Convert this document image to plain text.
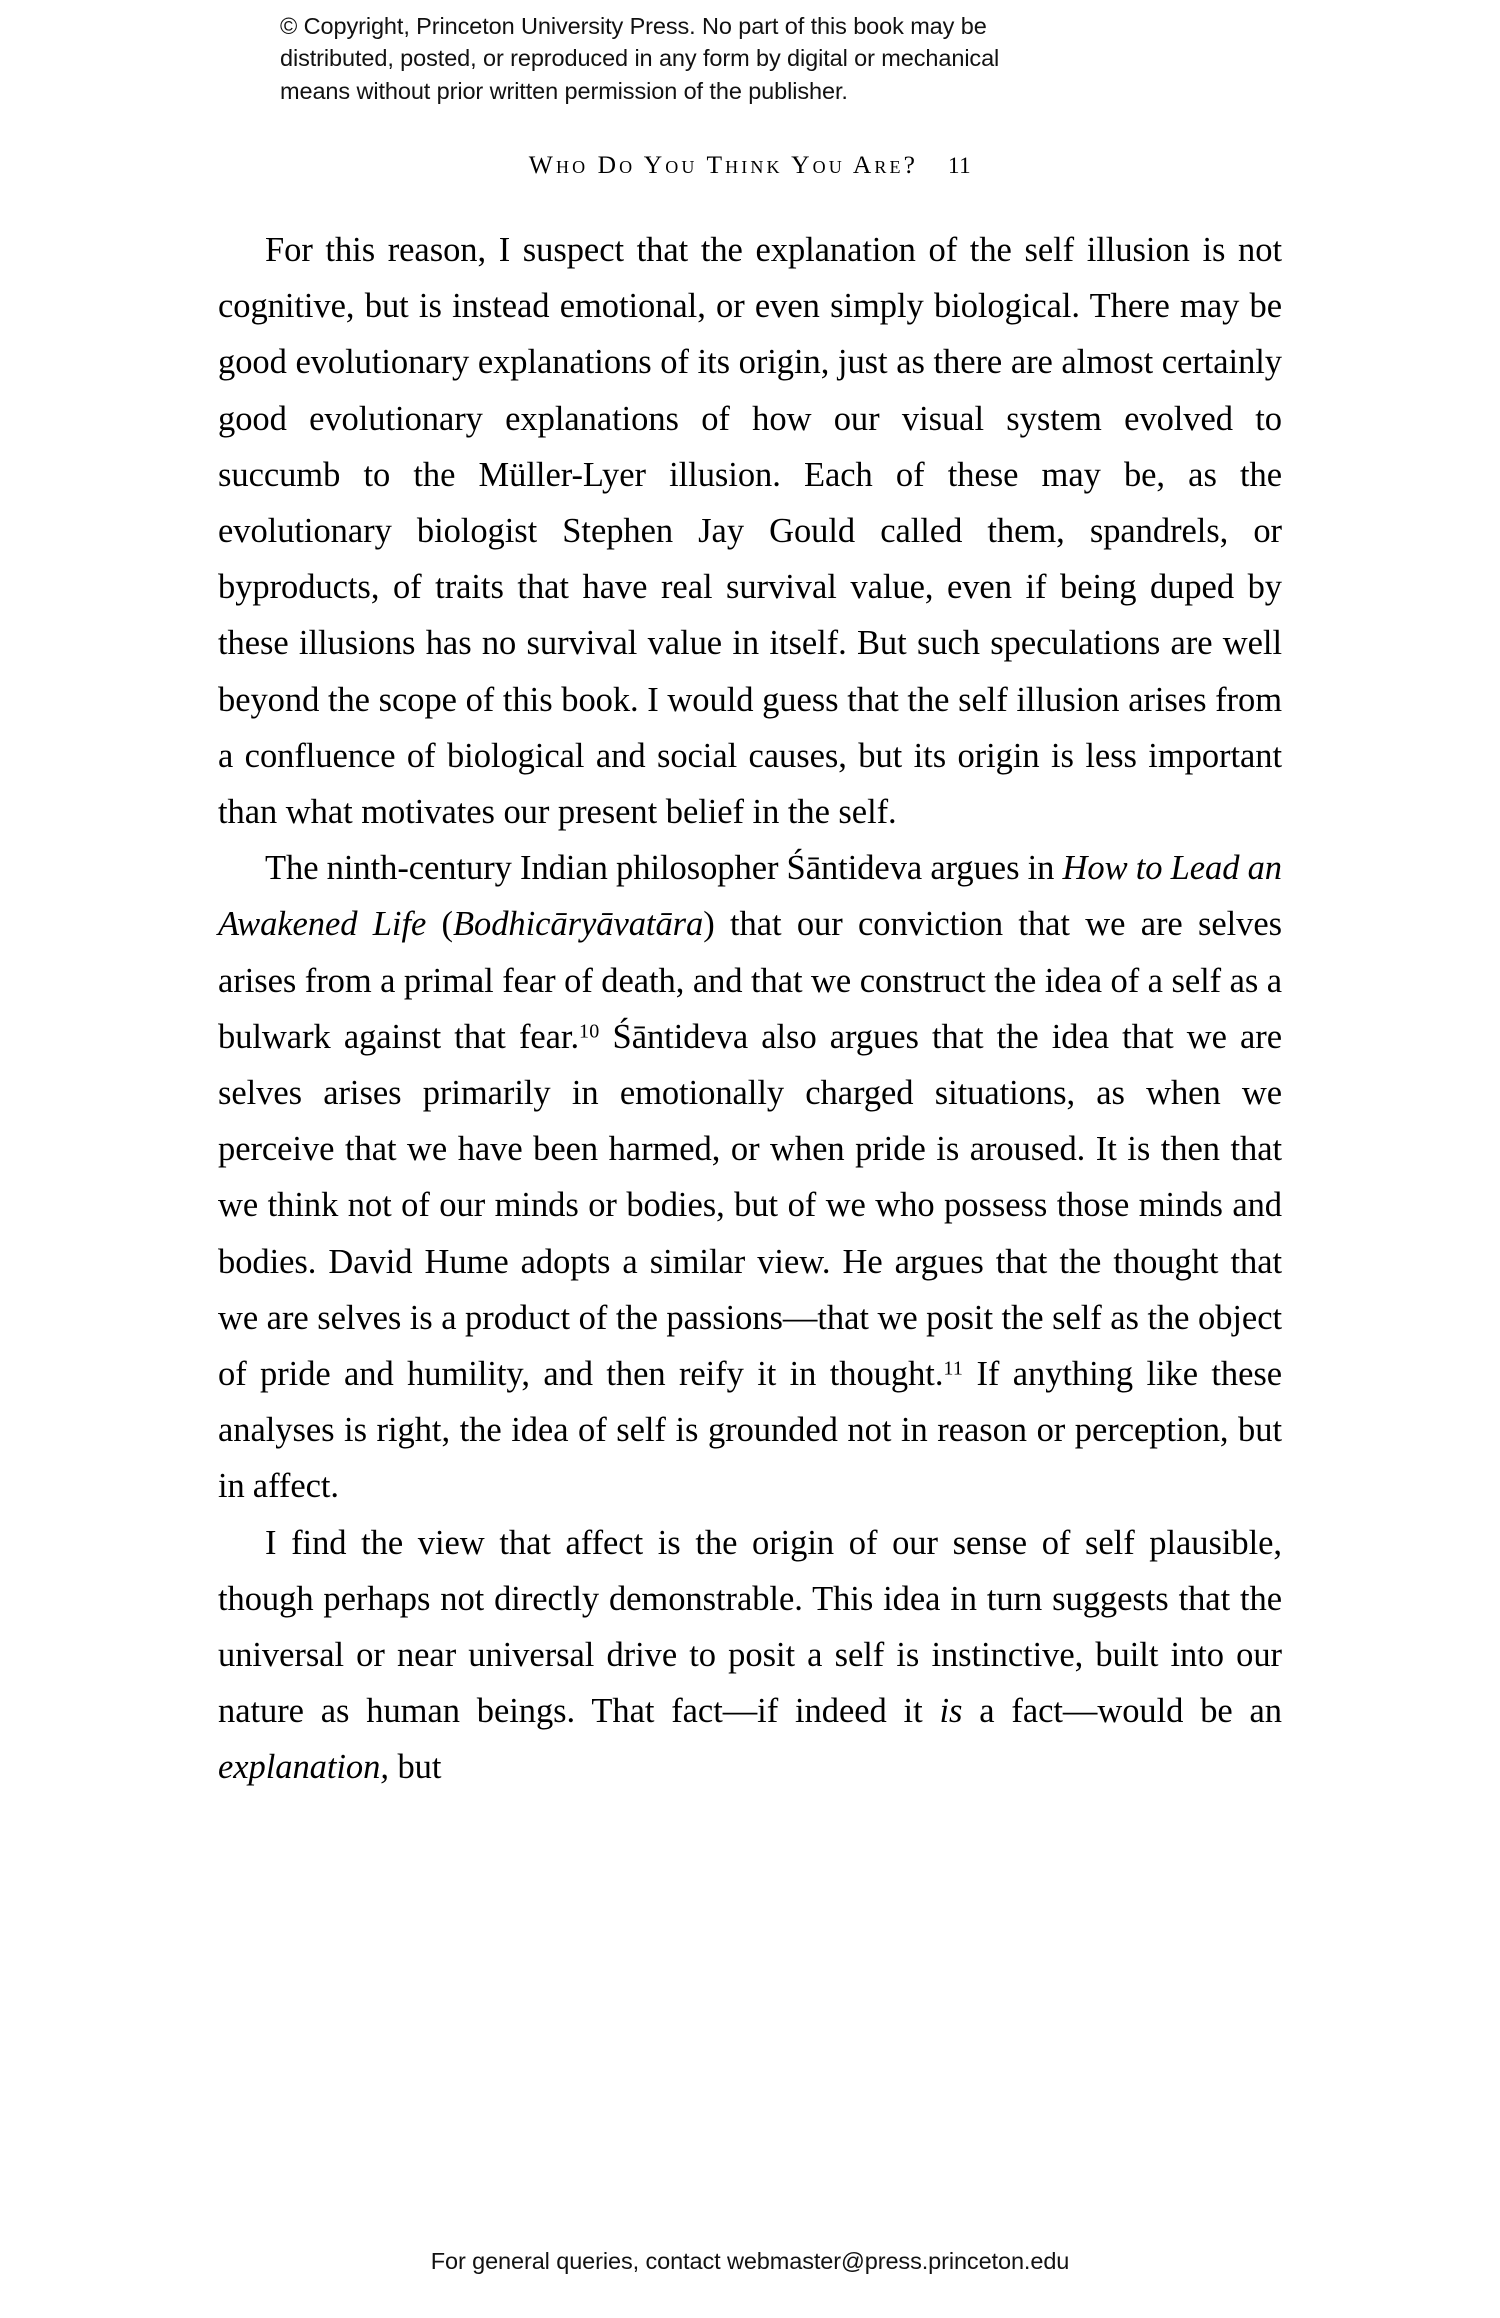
© Copyright, Princeton University Press. No part of this book may be
distributed, posted, or reproduced in any form by digital or mechanical
means without prior written permission of the publisher.
Who Do You Think You Are? 11

For this reason, I suspect that the explanation of the self illusion is not cognitive, but is instead emotional, or even simply biological. There may be good evolutionary explanations of its origin, just as there are almost certainly good evolutionary explanations of how our visual system evolved to succumb to the Müller-Lyer illusion. Each of these may be, as the evolutionary biologist Stephen Jay Gould called them, spandrels, or byproducts, of traits that have real survival value, even if being duped by these illusions has no survival value in itself. But such speculations are well beyond the scope of this book. I would guess that the self illusion arises from a confluence of biological and social causes, but its origin is less important than what motivates our present belief in the self.

The ninth-century Indian philosopher Śāntideva argues in How to Lead an Awakened Life (Bodhicāryāvatāra) that our conviction that we are selves arises from a primal fear of death, and that we construct the idea of a self as a bulwark against that fear.$^{10}$ Śāntideva also argues that the idea that we are selves arises primarily in emotionally charged situations, as when we perceive that we have been harmed, or when pride is aroused. It is then that we think not of our minds or bodies, but of we who possess those minds and bodies. David Hume adopts a similar view. He argues that the thought that we are selves is a product of the passions—that we posit the self as the object of pride and humility, and then reify it in thought.$^{11}$ If anything like these analyses is right, the idea of self is grounded not in reason or perception, but in affect.

I find the view that affect is the origin of our sense of self plausible, though perhaps not directly demonstrable. This idea in turn suggests that the universal or near universal drive to posit a self is instinctive, built into our nature as human beings. That fact—if indeed it is a fact—would be an explanation, but

For general queries, contact webmaster@press.princeton.edu
